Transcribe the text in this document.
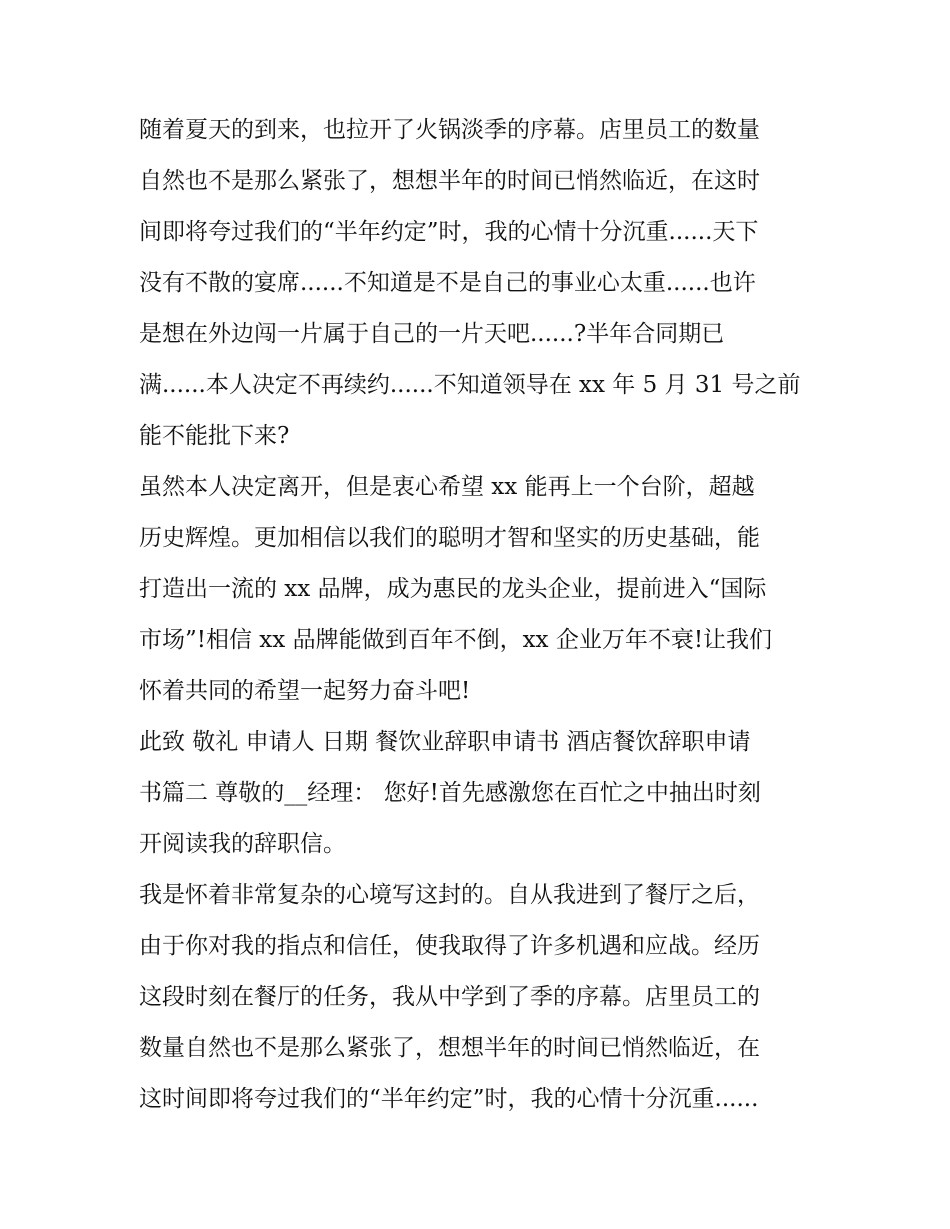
随着夏天的到来，也拉开了火锅淡季的序幕。店里员工的数量
自然也不是那么紧张了，想想半年的时间已悄然临近，在这时
间即将夸过我们的“半年约定”时，我的心情十分沉重......天下
没有不散的宴席......不知道是不是自己的事业心太重......也许
是想在外边闯一片属于自己的一片天吧......?半年合同期已
满......本人决定不再续约......不知道领导在 xx 年 5 月 31 号之前
能不能批下来?
虽然本人决定离开，但是衷心希望 xx 能再上一个台阶，超越
历史辉煌。更加相信以我们的聪明才智和坚实的历史基础，能
打造出一流的 xx 品牌，成为惠民的龙头企业，提前进入“国际
市场”!相信 xx 品牌能做到百年不倒，xx 企业万年不衰!让我们
怀着共同的希望一起努力奋斗吧!
此致 敬礼 申请人 日期 餐饮业辞职申请书 酒店餐饮辞职申请
书篇二 尊敬的__经理： 您好!首先感激您在百忙之中抽出时刻
开阅读我的辞职信。
我是怀着非常复杂的心境写这封的。自从我进到了餐厅之后，
由于你对我的指点和信任，使我取得了许多机遇和应战。经历
这段时刻在餐厅的任务，我从中学到了季的序幕。店里员工的
数量自然也不是那么紧张了，想想半年的时间已悄然临近，在
这时间即将夸过我们的“半年约定”时，我的心情十分沉重......
